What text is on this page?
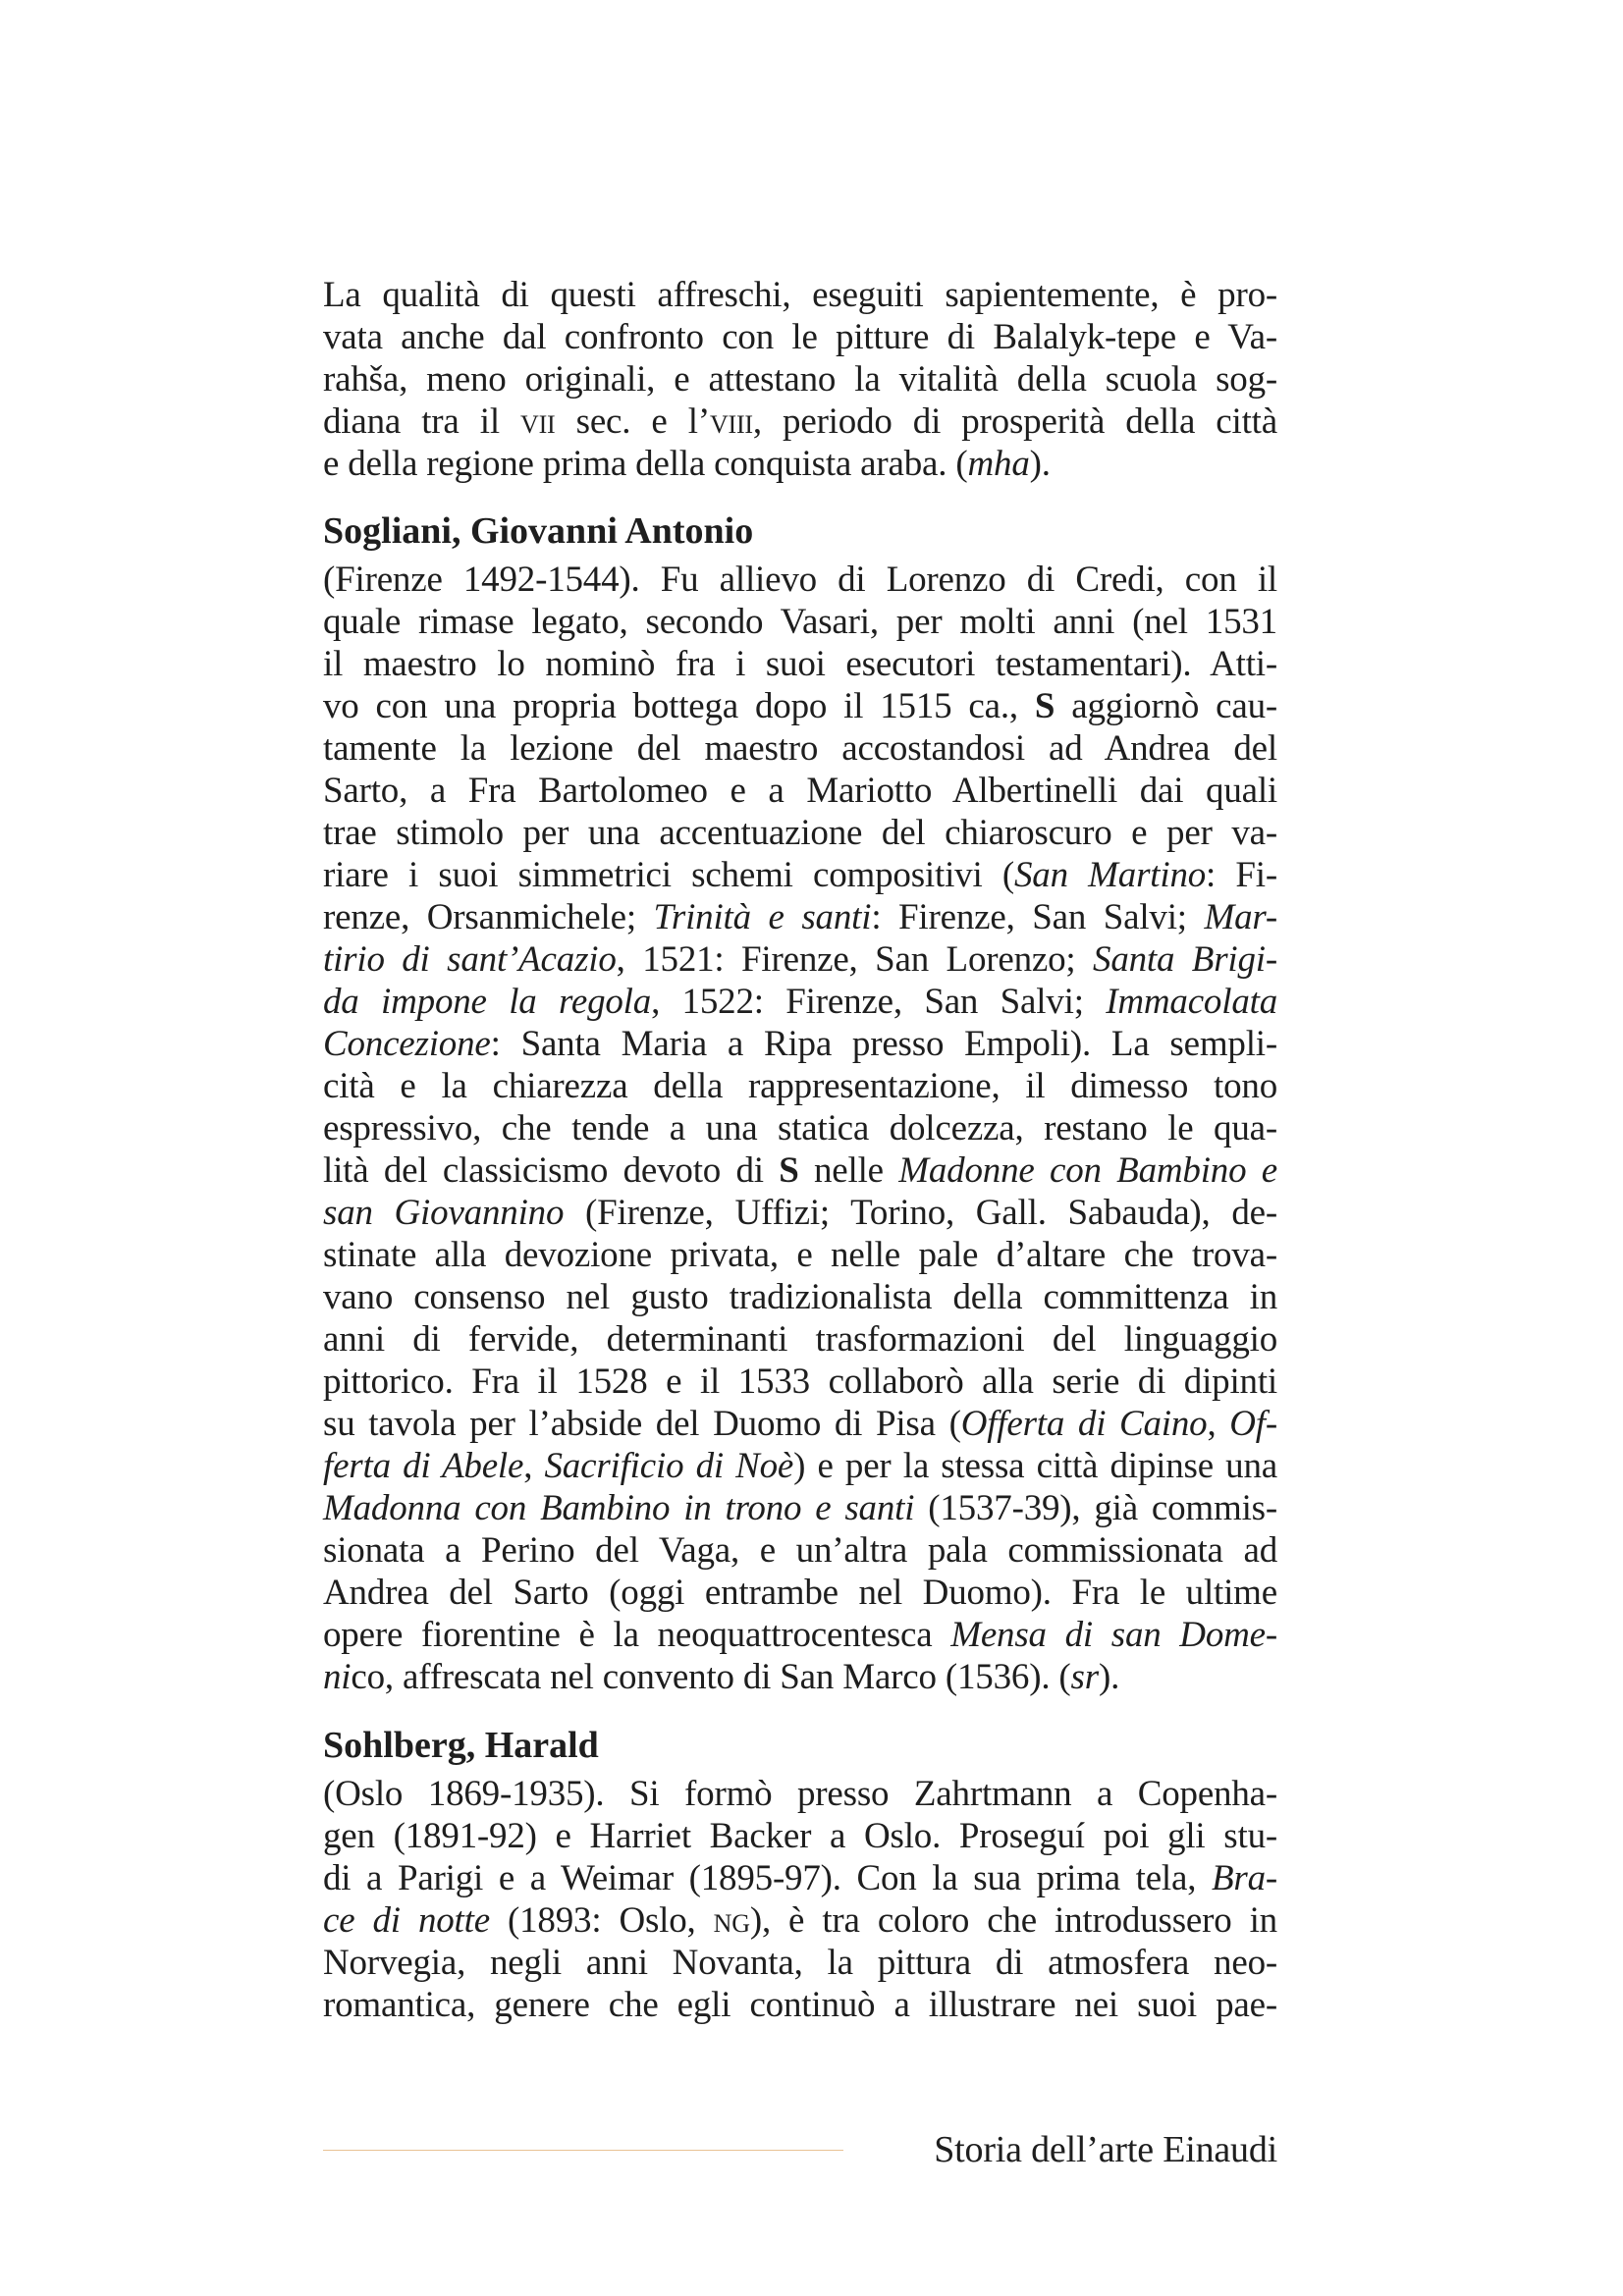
La qualità di questi affreschi, eseguiti sapientemente, è pro-
vata anche dal confronto con le pitture di Balalyk-tepe e Va-
rahša, meno originali, e attestano la vitalità della scuola sog-
diana tra il vii sec. e l’viii, periodo di prosperità della città
e della regione prima della conquista araba. (mha).
Sogliani, Giovanni Antonio
(Firenze 1492-1544). Fu allievo di Lorenzo di Credi, con il
quale rimase legato, secondo Vasari, per molti anni (nel 1531
il maestro lo nominò fra i suoi esecutori testamentari). Atti-
vo con una propria bottega dopo il 1515 ca., S aggiornò cau-
tamente la lezione del maestro accostandosi ad Andrea del
Sarto, a Fra Bartolomeo e a Mariotto Albertinelli dai quali
trae stimolo per una accentuazione del chiaroscuro e per va-
riare i suoi simmetrici schemi compositivi (San Martino: Fi-
renze, Orsanmichele; Trinità e santi: Firenze, San Salvi; Mar-
tirio di sant’Acazio, 1521: Firenze, San Lorenzo; Santa Brigi-
da impone la regola, 1522: Firenze, San Salvi; Immacolata
Concezione: Santa Maria a Ripa presso Empoli). La sempli-
cità e la chiarezza della rappresentazione, il dimesso tono
espressivo, che tende a una statica dolcezza, restano le qua-
lità del classicismo devoto di S nelle Madonne con Bambino e
san Giovannino (Firenze, Uffizi; Torino, Gall. Sabauda), de-
stinate alla devozione privata, e nelle pale d’altare che trova-
vano consenso nel gusto tradizionalista della committenza in
anni di fervide, determinanti trasformazioni del linguaggio
pittorico. Fra il 1528 e il 1533 collaborò alla serie di dipinti
su tavola per l’abside del Duomo di Pisa (Offerta di Caino, Of-
ferta di Abele, Sacrificio di Noè) e per la stessa città dipinse una
Madonna con Bambino in trono e santi (1537-39), già commis-
sionata a Perino del Vaga, e un’altra pala commissionata ad
Andrea del Sarto (oggi entrambe nel Duomo). Fra le ultime
opere fiorentine è la neoquattrocentesca Mensa di san Dome-
nico, affrescata nel convento di San Marco (1536). (sr).
Sohlberg, Harald
(Oslo 1869-1935). Si formò presso Zahrtmann a Copenha-
gen (1891-92) e Harriet Backer a Oslo. Proseguí poi gli stu-
di a Parigi e a Weimar (1895-97). Con la sua prima tela, Bra-
ce di notte (1893: Oslo, ng), è tra coloro che introdussero in
Norvegia, negli anni Novanta, la pittura di atmosfera neo-
romantica, genere che egli continuò a illustrare nei suoi pae-
Storia dell’arte Einaudi
